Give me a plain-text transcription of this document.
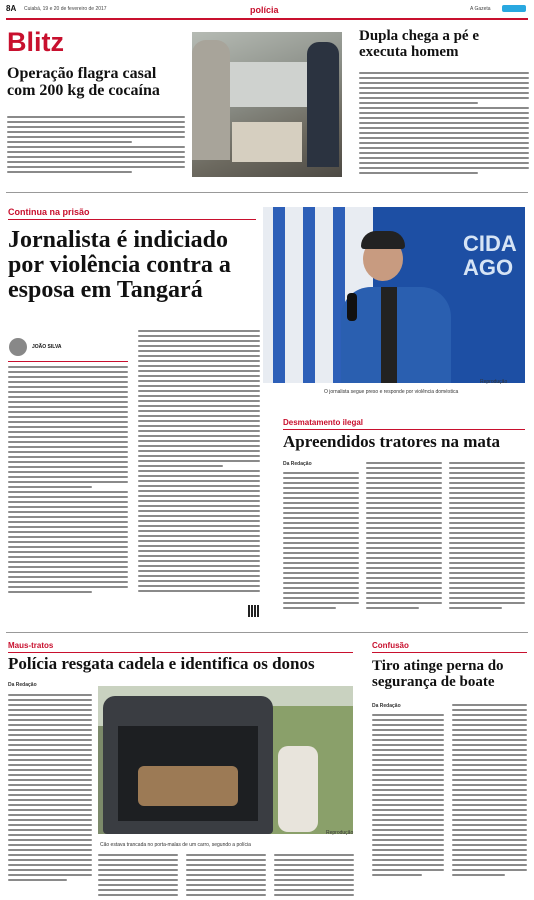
8A Cuiabá, 19 e 20 de fevereiro de 2017	polícia	A Gazeta
Blitz
Operação flagra casal com 200 kg de cocaína
Dupla chega a pé e executa homem
Continua na prisão
Jornalista é indiciado por violência contra a esposa em Tangará
CIDA AGO
Reprodução
O jornalista segue preso e responde por violência doméstica
JOÃO SILVA
Desmatamento ilegal
Apreendidos tratores na mata
Da Redação
Maus-tratos
Polícia resgata cadela e identifica os donos
Da Redação
Reprodução
Cão estava trancada no porta-malas de um carro, segundo a polícia
Confusão
Tiro atinge perna do segurança de boate
Da Redação
